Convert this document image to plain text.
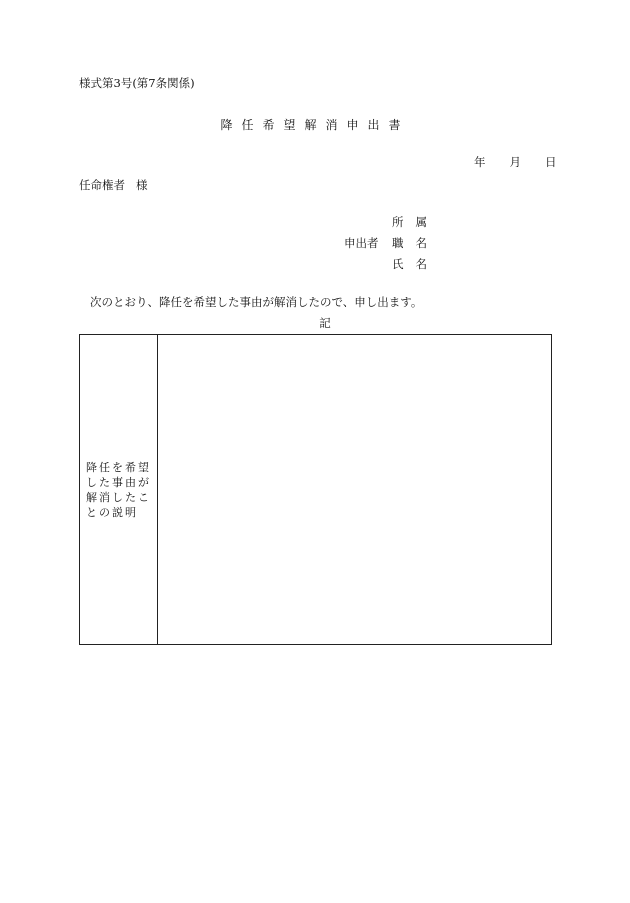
様式第3号(第7条関係)
降任希望解消申出書
年 月 日
任命権者 様
所属
申出者	職名
氏名
次のとおり、降任を希望した事由が解消したので、申し出ます。
記
降任を希望
した事由が
解消したこ
との説明
